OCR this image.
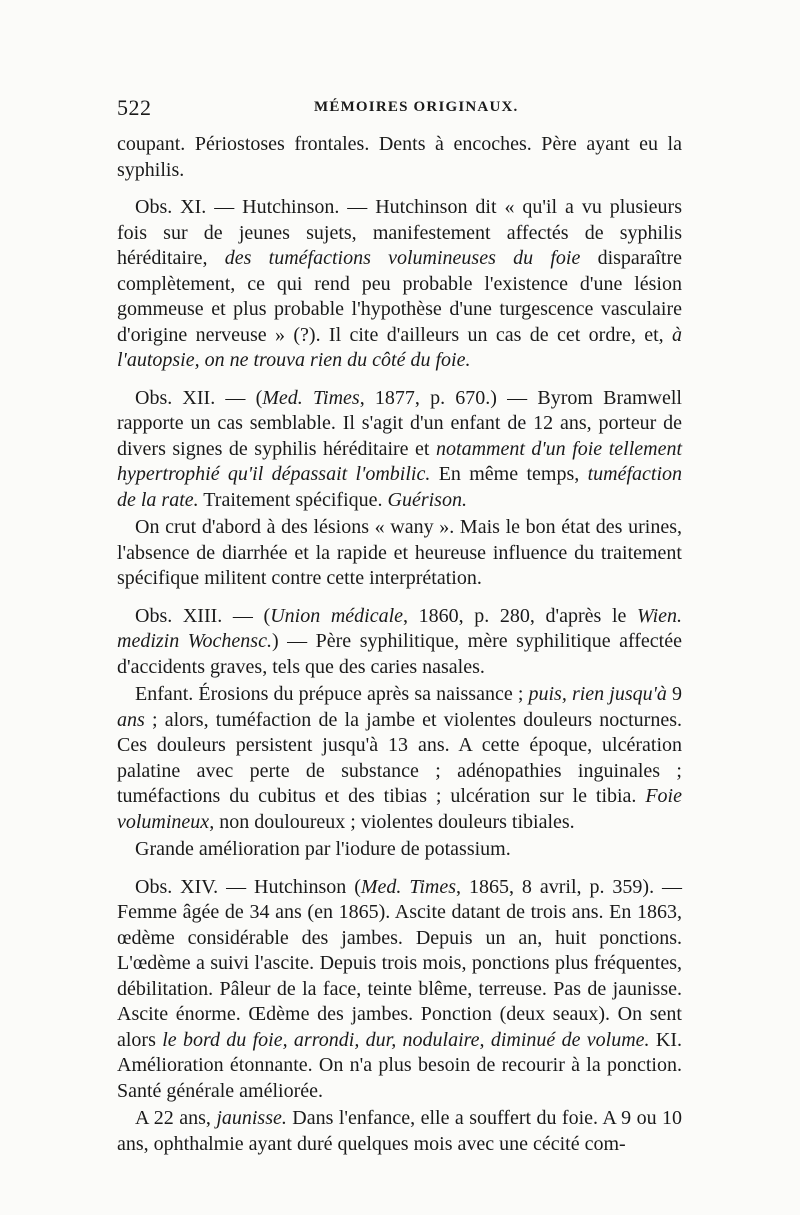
522	MÉMOIRES ORIGINAUX.

coupant. Périostoses frontales. Dents à encoches. Père ayant eu la syphilis.

Obs. XI. — Hutchinson. — Hutchinson dit « qu'il a vu plusieurs fois sur de jeunes sujets, manifestement affectés de syphilis héréditaire, des tuméfactions volumineuses du foie disparaître complètement, ce qui rend peu probable l'existence d'une lésion gommeuse et plus probable l'hypothèse d'une turgescence vasculaire d'origine nerveuse » (?). Il cite d'ailleurs un cas de cet ordre, et, à l'autopsie, on ne trouva rien du côté du foie.

Obs. XII. — (Med. Times, 1877, p. 670.) — Byrom Bramwell rapporte un cas semblable. Il s'agit d'un enfant de 12 ans, porteur de divers signes de syphilis héréditaire et notamment d'un foie tellement hypertrophié qu'il dépassait l'ombilic. En même temps, tuméfaction de la rate. Traitement spécifique. Guérison.

On crut d'abord à des lésions « wany ». Mais le bon état des urines, l'absence de diarrhée et la rapide et heureuse influence du traitement spécifique militent contre cette interprétation.

Obs. XIII. — (Union médicale, 1860, p. 280, d'après le Wien. medizin Wochensc.) — Père syphilitique, mère syphilitique affectée d'accidents graves, tels que des caries nasales.

Enfant. Érosions du prépuce après sa naissance ; puis, rien jusqu'à 9 ans ; alors, tuméfaction de la jambe et violentes douleurs nocturnes. Ces douleurs persistent jusqu'à 13 ans. A cette époque, ulcération palatine avec perte de substance ; adénopathies inguinales ; tuméfactions du cubitus et des tibias ; ulcération sur le tibia. Foie volumineux, non douloureux ; violentes douleurs tibiales.

Grande amélioration par l'iodure de potassium.

Obs. XIV. — Hutchinson (Med. Times, 1865, 8 avril, p. 359). — Femme âgée de 34 ans (en 1865). Ascite datant de trois ans. En 1863, œdème considérable des jambes. Depuis un an, huit ponctions. L'œdème a suivi l'ascite. Depuis trois mois, ponctions plus fréquentes, débilitation. Pâleur de la face, teinte blême, terreuse. Pas de jaunisse. Ascite énorme. Œdème des jambes. Ponction (deux seaux). On sent alors le bord du foie, arrondi, dur, nodulaire, diminué de volume. KI. Amélioration étonnante. On n'a plus besoin de recourir à la ponction. Santé générale améliorée.

A 22 ans, jaunisse. Dans l'enfance, elle a souffert du foie. A 9 ou 10 ans, ophthalmie ayant duré quelques mois avec une cécité com-
